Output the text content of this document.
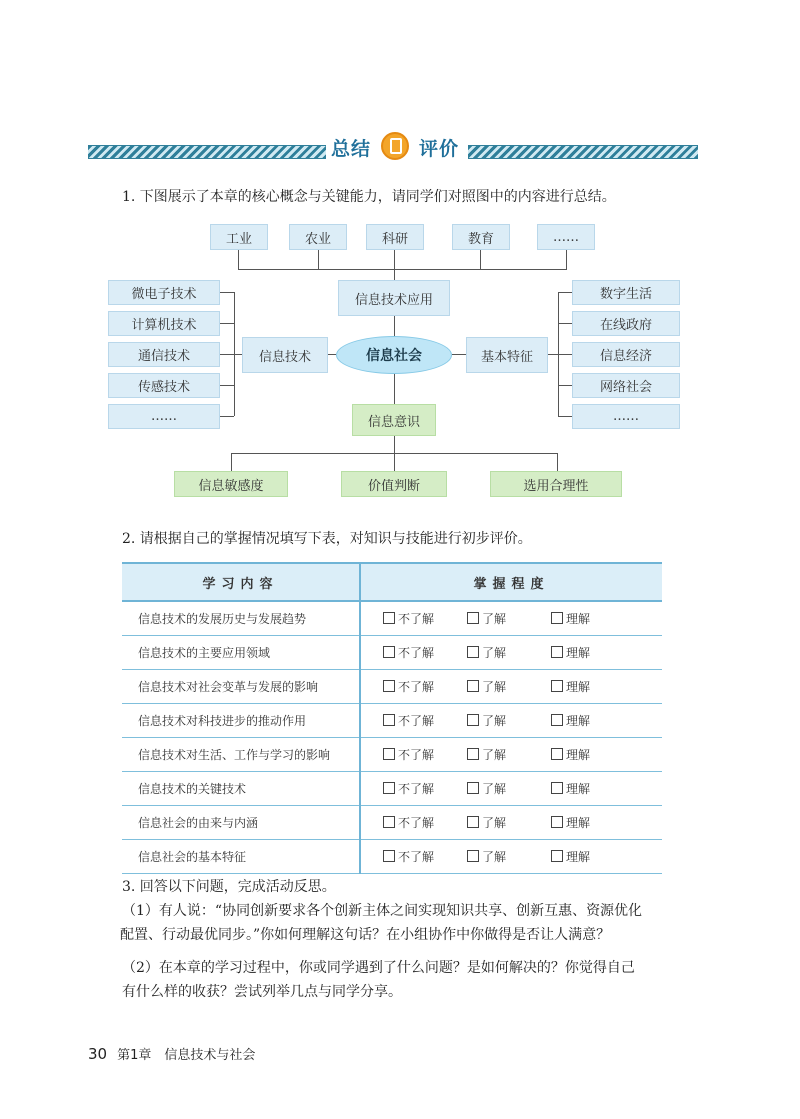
总结	评价
1. 下图展示了本章的核心概念与关键能力，请同学们对照图中的内容进行总结。
工业	农业	科研	教育	……
信息技术应用
微电子技术
计算机技术
通信技术
传感技术
……
信息技术	信息社会	基本特征
数字生活
在线政府
信息经济
网络社会
……
信息意识
信息敏感度	价值判断	选用合理性
2. 请根据自己的掌握情况填写下表，对知识与技能进行初步评价。
学习内容	掌握程度
信息技术的发展历史与发展趋势	不了解 了解 理解
信息技术的主要应用领域	不了解 了解 理解
信息技术对社会变革与发展的影响	不了解 了解 理解
信息技术对科技进步的推动作用	不了解 了解 理解
信息技术对生活、工作与学习的影响	不了解 了解 理解
信息技术的关键技术	不了解 了解 理解
信息社会的由来与内涵	不了解 了解 理解
信息社会的基本特征	不了解 了解 理解
3. 回答以下问题，完成活动反思。
（1）有人说：“协同创新要求各个创新主体之间实现知识共享、创新互惠、资源优化
配置、行动最优同步。”你如何理解这句话？在小组协作中你做得是否让人满意？
（2）在本章的学习过程中，你或同学遇到了什么问题？是如何解决的？你觉得自己
有什么样的收获？尝试列举几点与同学分享。
30 第1章　信息技术与社会
